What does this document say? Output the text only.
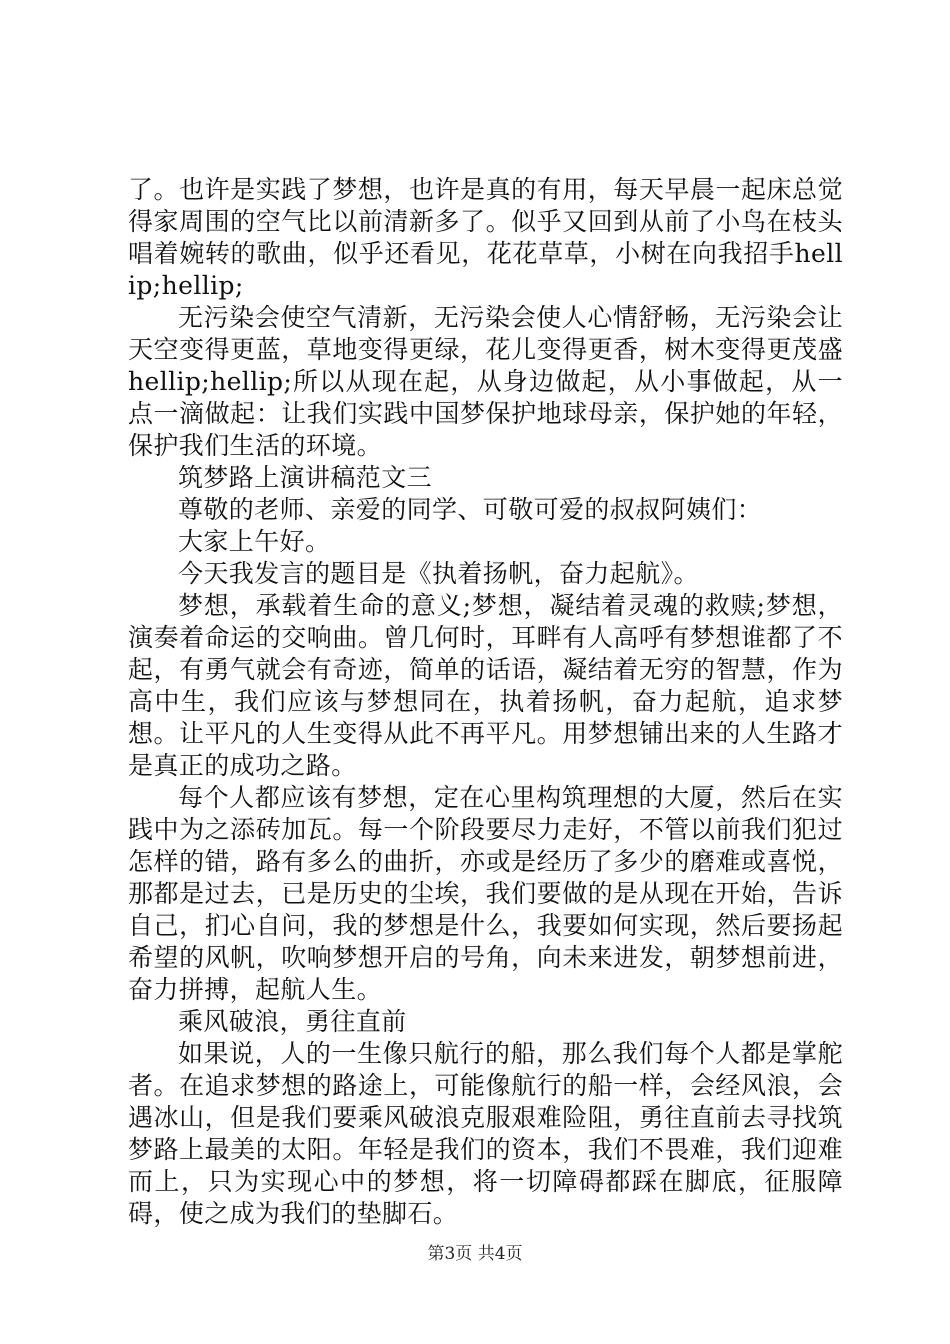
了。也许是实践了梦想，也许是真的有用，每天早晨一起床总觉得家周围的空气比以前清新多了。似乎又回到从前了小鸟在枝头唱着婉转的歌曲，似乎还看见，花花草草，小树在向我招手hellip;hellip;

无污染会使空气清新，无污染会使人心情舒畅，无污染会让天空变得更蓝，草地变得更绿，花儿变得更香，树木变得更茂盛hellip;hellip;所以从现在起，从身边做起，从小事做起，从一点一滴做起：让我们实践中国梦保护地球母亲，保护她的年轻，保护我们生活的环境。

筑梦路上演讲稿范文三

尊敬的老师、亲爱的同学、可敬可爱的叔叔阿姨们：

大家上午好。

今天我发言的题目是《执着扬帆，奋力起航》。

梦想，承载着生命的意义;梦想，凝结着灵魂的救赎;梦想，演奏着命运的交响曲。曾几何时，耳畔有人高呼有梦想谁都了不起，有勇气就会有奇迹，简单的话语，凝结着无穷的智慧，作为高中生，我们应该与梦想同在，执着扬帆，奋力起航，追求梦想。让平凡的人生变得从此不再平凡。用梦想铺出来的人生路才是真正的成功之路。

每个人都应该有梦想，定在心里构筑理想的大厦，然后在实践中为之添砖加瓦。每一个阶段要尽力走好，不管以前我们犯过怎样的错，路有多么的曲折，亦或是经历了多少的磨难或喜悦，那都是过去，已是历史的尘埃，我们要做的是从现在开始，告诉自己，扪心自问，我的梦想是什么，我要如何实现，然后要扬起希望的风帆，吹响梦想开启的号角，向未来进发，朝梦想前进，奋力拼搏，起航人生。

乘风破浪，勇往直前

如果说，人的一生像只航行的船，那么我们每个人都是掌舵者。在追求梦想的路途上，可能像航行的船一样，会经风浪，会遇冰山，但是我们要乘风破浪克服艰难险阻，勇往直前去寻找筑梦路上最美的太阳。年轻是我们的资本，我们不畏难，我们迎难而上，只为实现心中的梦想，将一切障碍都踩在脚底，征服障碍，使之成为我们的垫脚石。

第3页 共4页
